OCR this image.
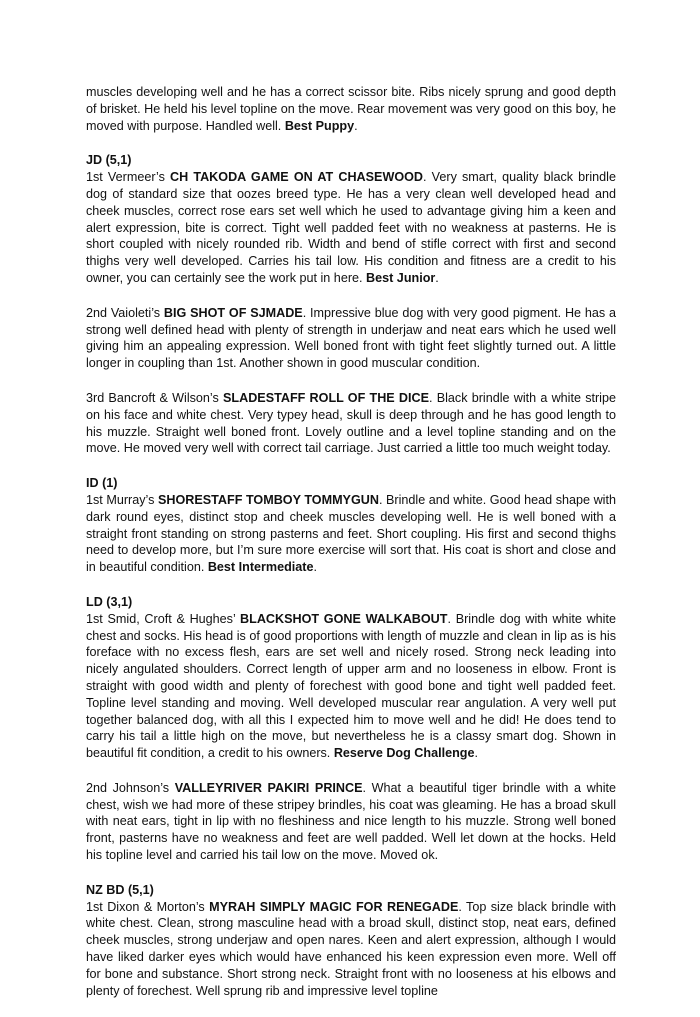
muscles developing well and he has a correct scissor bite. Ribs nicely sprung and good depth of brisket. He held his level topline on the move. Rear movement was very good on this boy, he moved with purpose. Handled well. Best Puppy.

JD (5,1)

1st Vermeer’s CH TAKODA GAME ON AT CHASEWOOD. Very smart, quality black brindle dog of standard size that oozes breed type. He has a very clean well developed head and cheek muscles, correct rose ears set well which he used to advantage giving him a keen and alert expression, bite is correct. Tight well padded feet with no weakness at pasterns. He is short coupled with nicely rounded rib. Width and bend of stifle correct with first and second thighs very well developed. Carries his tail low. His condition and fitness are a credit to his owner, you can certainly see the work put in here. Best Junior.

2nd Vaioleti’s BIG SHOT OF SJMADE. Impressive blue dog with very good pigment. He has a strong well defined head with plenty of strength in underjaw and neat ears which he used well giving him an appealing expression. Well boned front with tight feet slightly turned out. A little longer in coupling than 1st. Another shown in good muscular condition.

3rd Bancroft & Wilson’s SLADESTAFF ROLL OF THE DICE. Black brindle with a white stripe on his face and white chest. Very typey head, skull is deep through and he has good length to his muzzle. Straight well boned front. Lovely outline and a level topline standing and on the move. He moved very well with correct tail carriage. Just carried a little too much weight today.

ID (1)

1st Murray’s SHORESTAFF TOMBOY TOMMYGUN. Brindle and white. Good head shape with dark round eyes, distinct stop and cheek muscles developing well. He is well boned with a straight front standing on strong pasterns and feet. Short coupling. His first and second thighs need to develop more, but I’m sure more exercise will sort that. His coat is short and close and in beautiful condition. Best Intermediate.

LD (3,1)

1st Smid, Croft & Hughes’ BLACKSHOT GONE WALKABOUT. Brindle dog with white white chest and socks. His head is of good proportions with length of muzzle and clean in lip as is his foreface with no excess flesh, ears are set well and nicely rosed. Strong neck leading into nicely angulated shoulders. Correct length of upper arm and no looseness in elbow. Front is straight with good width and plenty of forechest with good bone and tight well padded feet. Topline level standing and moving. Well developed muscular rear angulation. A very well put together balanced dog, with all this I expected him to move well and he did! He does tend to carry his tail a little high on the move, but nevertheless he is a classy smart dog. Shown in beautiful fit condition, a credit to his owners. Reserve Dog Challenge.

2nd Johnson’s VALLEYRIVER PAKIRI PRINCE. What a beautiful tiger brindle with a white chest, wish we had more of these stripey brindles, his coat was gleaming. He has a broad skull with neat ears, tight in lip with no fleshiness and nice length to his muzzle. Strong well boned front, pasterns have no weakness and feet are well padded. Well let down at the hocks. Held his topline level and carried his tail low on the move. Moved ok.

NZ BD (5,1)

1st Dixon & Morton’s MYRAH SIMPLY MAGIC FOR RENEGADE. Top size black brindle with white chest. Clean, strong masculine head with a broad skull, distinct stop, neat ears, defined cheek muscles, strong underjaw and open nares. Keen and alert expression, although I would have liked darker eyes which would have enhanced his keen expression even more. Well off for bone and substance. Short strong neck. Straight front with no looseness at his elbows and plenty of forechest. Well sprung rib and impressive level topline
